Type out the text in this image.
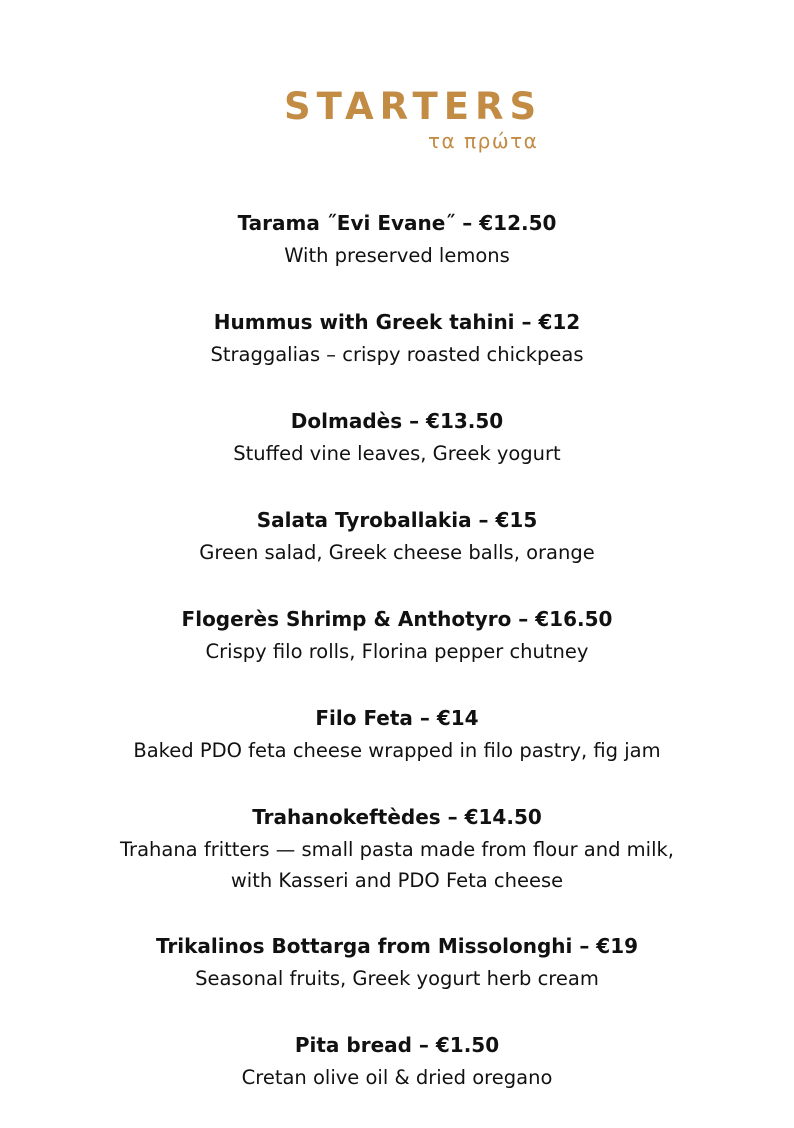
STARTERS
τα πρώτα
Tarama ˝Evi Evane˝ – €12.50
With preserved lemons
Hummus with Greek tahini – €12
Straggalias – crispy roasted chickpeas
Dolmadès – €13.50
Stuffed vine leaves, Greek yogurt
Salata Tyroballakia – €15
Green salad, Greek cheese balls, orange
Flogerès Shrimp & Anthotyro – €16.50
Crispy filo rolls, Florina pepper chutney
Filo Feta – €14
Baked PDO feta cheese wrapped in filo pastry, fig jam
Trahanokeftèdes – €14.50
Trahana fritters — small pasta made from flour and milk,
with Kasseri and PDO Feta cheese
Trikalinos Bottarga from Missolonghi – €19
Seasonal fruits, Greek yogurt herb cream
Pita bread – €1.50
Cretan olive oil & dried oregano
